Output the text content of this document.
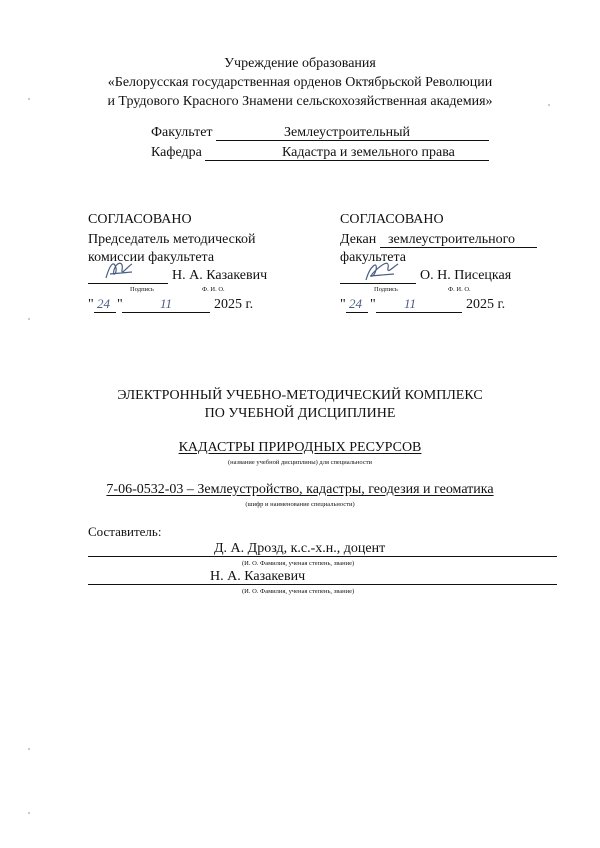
Учреждение образования
«Белорусская государственная орденов Октябрьской Революции
и Трудового Красного Знамени сельскохозяйственная академия»
Факультет	Землеустроительный
Кафедра	Кадастра и земельного права
СОГЛАСОВАНО
Председатель методической
комиссии факультета
Н. А. Казакевич
Подпись	Ф. И. О.
" 24 "	11	2025 г.
СОГЛАСОВАНО
Декан землеустроительного
факультета
О. Н. Писецкая
Подпись	Ф. И. О.
" 24 " 11	2025 г.
ЭЛЕКТРОННЫЙ УЧЕБНО-МЕТОДИЧЕСКИЙ КОМПЛЕКС
ПО УЧЕБНОЙ ДИСЦИПЛИНЕ
КАДАСТРЫ ПРИРОДНЫХ РЕСУРСОВ
(название учебной дисциплины) для специальности
7-06-0532-03 – Землеустройство, кадастры, геодезия и геоматика
(шифр и наименование специальности)
Составитель:
Д. А. Дрозд, к.с.-х.н., доцент
(И. О. Фамилия, ученая степень, звание)
Н. А. Казакевич
(И. О. Фамилия, ученая степень, звание)
